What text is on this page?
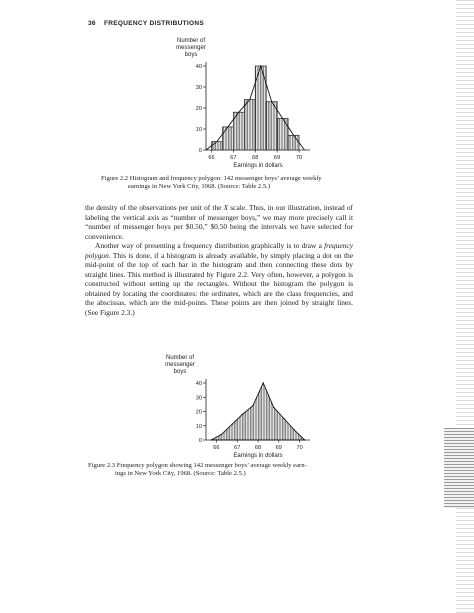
36 FREQUENCY DISTRIBUTIONS
Number of
messenger
boys
0
10
20
30
40
66	67	68	69	70
Earnings in dollars
Figure 2.2 Histogram and frequency polygon: 142 messenger boys’ average weekly
earnings in New York City, 1968. (Source: Table 2.5.)

the density of the observations per unit of the X scale. Thus, in our illustration, instead of labeling the vertical axis as “number of messenger boys,” we may more precisely call it “number of messenger boys per $0.50,” $0.50 being the intervals we have selected for convenience.

Another way of presenting a frequency distribution graphically is to draw a frequency polygon. This is done, if a histogram is already available, by simply placing a dot on the mid-point of the top of each bar in the histogram and then connecting these dots by straight lines. This method is illustrated by Figure 2.2. Very often, however, a polygon is constructed without setting up the rectangles. Without the histogram the polygon is obtained by locating the coordinates: the ordinates, which are the class frequencies, and the abscissas, which are the mid-points. These points are then joined by straight lines. (See Figure 2.3.)

Number of
messenger
boys
0
10
20
30
40
66	67	68	69	70
Earnings in dollars
Figure 2.3 Frequency polygon showing 142 messenger boys’ average weekly earn-
ings in New York City, 1968. (Source: Table 2.5.)
